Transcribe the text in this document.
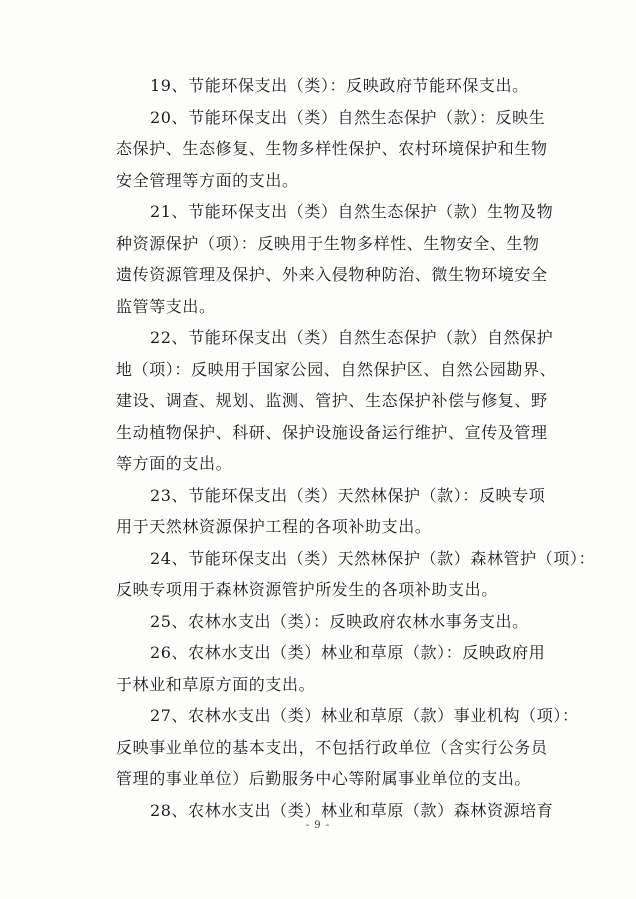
19、节能环保支出（类）：反映政府节能环保支出。

20、节能环保支出（类）自然生态保护（款）：反映生
态保护、生态修复、生物多样性保护、农村环境保护和生物
安全管理等方面的支出。

21、节能环保支出（类）自然生态保护（款）生物及物
种资源保护（项）：反映用于生物多样性、生物安全、生物
遗传资源管理及保护、外来入侵物种防治、微生物环境安全
监管等支出。

22、节能环保支出（类）自然生态保护（款）自然保护
地（项）：反映用于国家公园、自然保护区、自然公园勘界、
建设、调查、规划、监测、管护、生态保护补偿与修复、野
生动植物保护、科研、保护设施设备运行维护、宣传及管理
等方面的支出。

23、节能环保支出（类）天然林保护（款）：反映专项
用于天然林资源保护工程的各项补助支出。

24、节能环保支出（类）天然林保护（款）森林管护（项）：
反映专项用于森林资源管护所发生的各项补助支出。

25、农林水支出（类）：反映政府农林水事务支出。

26、农林水支出（类）林业和草原（款）：反映政府用
于林业和草原方面的支出。

27、农林水支出（类）林业和草原（款）事业机构（项）：
反映事业单位的基本支出，不包括行政单位（含实行公务员
管理的事业单位）后勤服务中心等附属事业单位的支出。

28、农林水支出（类）林业和草原（款）森林资源培育

- 9 -
